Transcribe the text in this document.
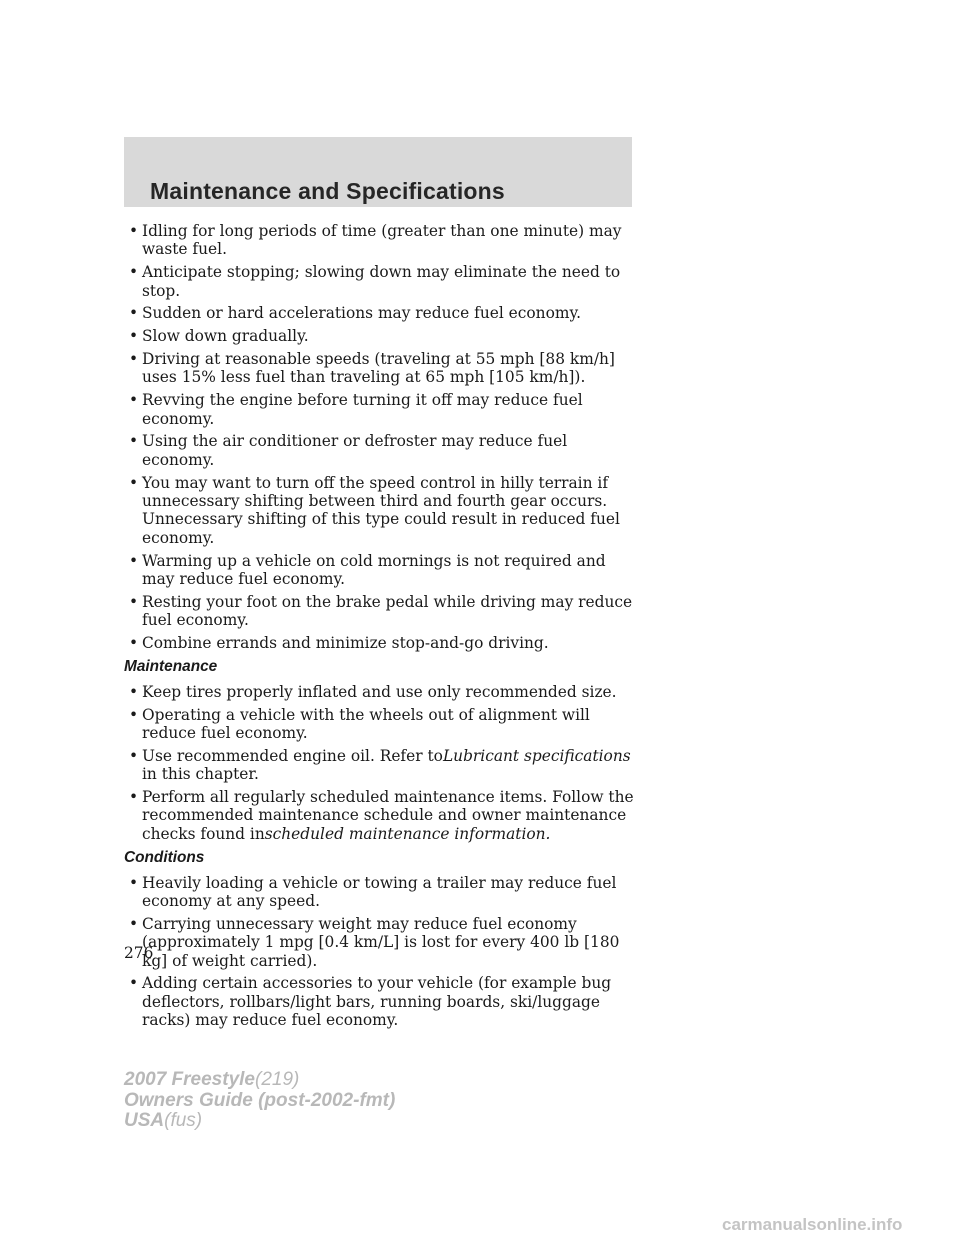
Maintenance and Specifications
• Idling for long periods of time (greater than one minute) may waste fuel.
• Anticipate stopping; slowing down may eliminate the need to stop.
• Sudden or hard accelerations may reduce fuel economy.
• Slow down gradually.
• Driving at reasonable speeds (traveling at 55 mph [88 km/h] uses 15% less fuel than traveling at 65 mph [105 km/h]).
• Revving the engine before turning it off may reduce fuel economy.
• Using the air conditioner or defroster may reduce fuel economy.
• You may want to turn off the speed control in hilly terrain if unnecessary shifting between third and fourth gear occurs. Unnecessary shifting of this type could result in reduced fuel economy.
• Warming up a vehicle on cold mornings is not required and may reduce fuel economy.
• Resting your foot on the brake pedal while driving may reduce fuel economy.
• Combine errands and minimize stop-and-go driving.
Maintenance
• Keep tires properly inflated and use only recommended size.
• Operating a vehicle with the wheels out of alignment will reduce fuel economy.
• Use recommended engine oil. Refer toLubricant specifications in this chapter.
• Perform all regularly scheduled maintenance items. Follow the recommended maintenance schedule and owner maintenance checks found inscheduled maintenance information.
Conditions
• Heavily loading a vehicle or towing a trailer may reduce fuel economy at any speed.
• Carrying unnecessary weight may reduce fuel economy (approximately 1 mpg [0.4 km/L] is lost for every 400 lb [180 kg] of weight carried).
• Adding certain accessories to your vehicle (for example bug deflectors, rollbars/light bars, running boards, ski/luggage racks) may reduce fuel economy.
276
2007 Freestyle(219)
Owners Guide (post-2002-fmt)
USA(fus)
carmanualsonline.info
